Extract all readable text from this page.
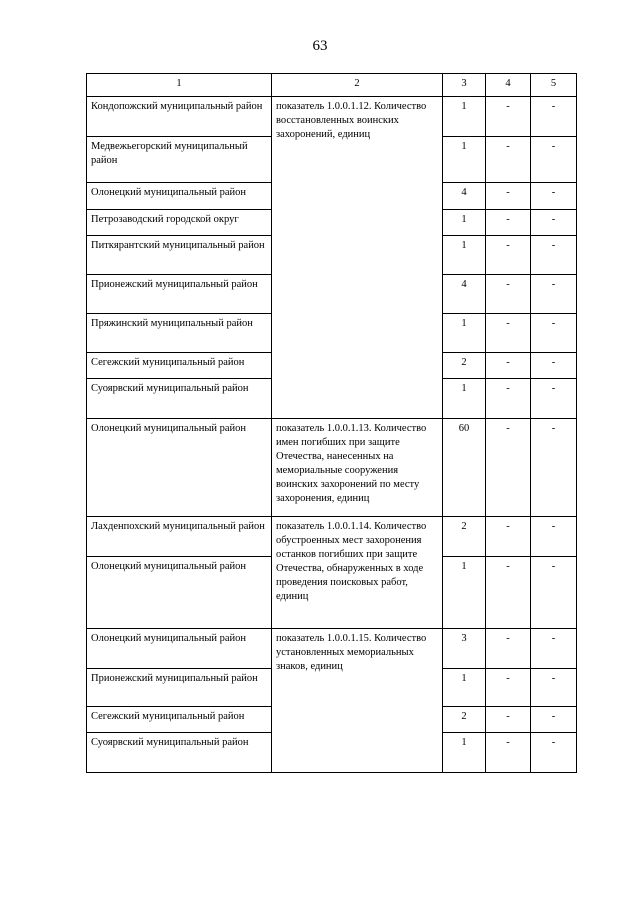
63
1	2	3	4	5
Кондопожский муниципальный район	показатель 1.0.0.1.12. Количество восстановленных воинских захоронений, единиц	1	-	-
Медвежьегорский муниципальный район		1	-	-
Олонецкий муниципальный район		4	-	-
Петрозаводский городской округ		1	-	-
Питкярантский муниципальный район		1	-	-
Прионежский муниципальный район		4	-	-
Пряжинский муниципальный район		1	-	-
Сегежский муниципальный район		2	-	-
Суоярвский муниципальный район		1	-	-
Олонецкий муниципальный район	показатель 1.0.0.1.13. Количество имен погибших при защите Отечества, нанесенных на мемориальные сооружения воинских захоронений по месту захоронения, единиц	60	-	-
Лахденпохский муниципальный район	показатель 1.0.0.1.14. Количество обустроенных мест захоронения останков погибших при защите Отечества, обнаруженных в ходе проведения поисковых работ, единиц	2	-	-
Олонецкий муниципальный район		1	-	-
Олонецкий муниципальный район	показатель 1.0.0.1.15. Количество установленных мемориальных знаков, единиц	3	-	-
Прионежский муниципальный район		1	-	-
Сегежский муниципальный район		2	-	-
Суоярвский муниципальный район		1	-	-
